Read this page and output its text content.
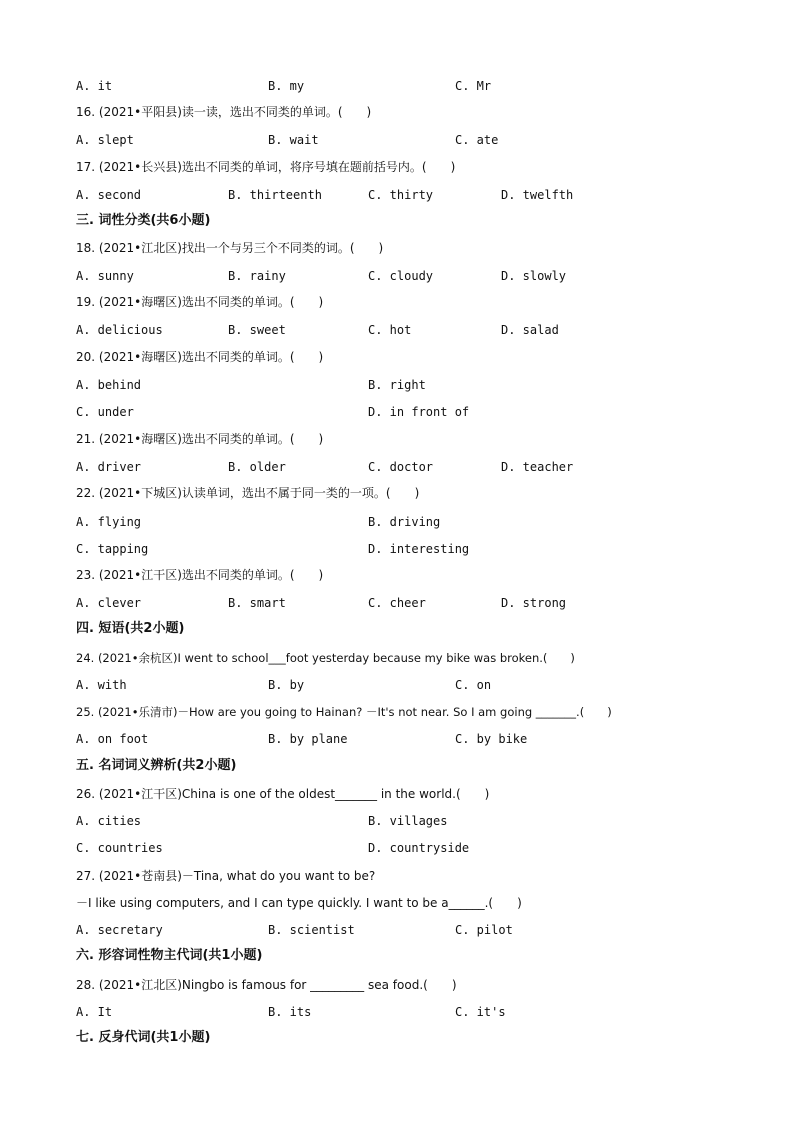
A. it	B. my	C. Mr
16. (2021•平阳县)读一读，选出不同类的单词。(　　)
A. slept	B. wait	C. ate
17. (2021•长兴县)选出不同类的单词，将序号填在题前括号内。(　　)
A. second	B. thirteenth	C. thirty	D. twelfth
三. 词性分类(共6小题)
18. (2021•江北区)找出一个与另三个不同类的词。(　　)
A. sunny	B. rainy	C. cloudy	D. slowly
19. (2021•海曙区)选出不同类的单词。(　　)
A. delicious	B. sweet	C. hot	D. salad
20. (2021•海曙区)选出不同类的单词。(　　)
A. behind	B. right
C. under	D. in front of
21. (2021•海曙区)选出不同类的单词。(　　)
A. driver	B. older	C. doctor	D. teacher
22. (2021•下城区)认读单词，选出不属于同一类的一项。(　　)
A. flying	B. driving
C. tapping	D. interesting
23. (2021•江干区)选出不同类的单词。(　　)
A. clever	B. smart	C. cheer	D. strong
四. 短语(共2小题)
24. (2021•余杭区)I went to school___foot yesterday because my bike was broken.(　　)
A. with	B. by	C. on
25. (2021•乐清市)－How are you going to Hainan? －It's not near. So I am going _______.(　　)
A. on foot	B. by plane	C. by bike
五. 名词词义辨析(共2小题)
26. (2021•江干区)China is one of the oldest_______ in the world.(　　)
A. cities	B. villages
C. countries	D. countryside
27. (2021•苍南县)－Tina, what do you want to be?
－I like using computers, and I can type quickly. I want to be a______.(　　)
A. secretary	B. scientist	C. pilot
六. 形容词性物主代词(共1小题)
28. (2021•江北区)Ningbo is famous for _________ sea food.(　　)
A. It	B. its	C. it's
七. 反身代词(共1小题)
